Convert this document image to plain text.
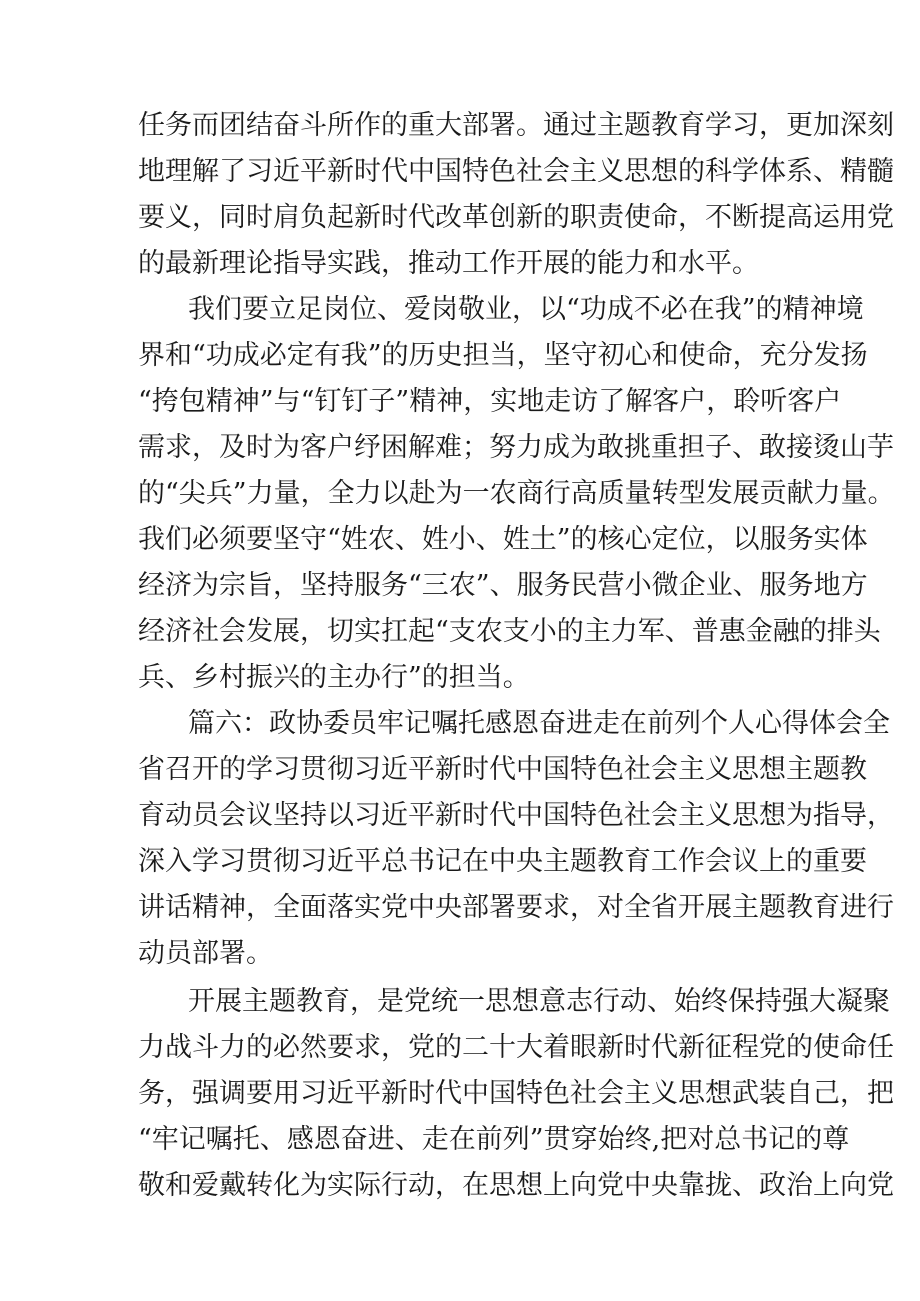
任务而团结奋斗所作的重大部署。通过主题教育学习，更加深刻

地理解了习近平新时代中国特色社会主义思想的科学体系、精髓

要义，同时肩负起新时代改革创新的职责使命，不断提高运用党

的最新理论指导实践，推动工作开展的能力和水平。

我们要立足岗位、爱岗敬业，以“功成不必在我”的精神境

界和“功成必定有我”的历史担当，坚守初心和使命，充分发扬

“挎包精神”与“钉钉子”精神，实地走访了解客户，聆听客户

需求，及时为客户纾困解难；努力成为敢挑重担子、敢接烫山芋

的“尖兵”力量，全力以赴为一农商行高质量转型发展贡献力量。

我们必须要坚守“姓农、姓小、姓土”的核心定位，以服务实体

经济为宗旨，坚持服务“三农”、服务民营小微企业、服务地方

经济社会发展，切实扛起“支农支小的主力军、普惠金融的排头

兵、乡村振兴的主办行”的担当。

篇六：政协委员牢记嘱托感恩奋进走在前列个人心得体会全

省召开的学习贯彻习近平新时代中国特色社会主义思想主题教

育动员会议坚持以习近平新时代中国特色社会主义思想为指导，

深入学习贯彻习近平总书记在中央主题教育工作会议上的重要

讲话精神，全面落实党中央部署要求，对全省开展主题教育进行

动员部署。

开展主题教育，是党统一思想意志行动、始终保持强大凝聚

力战斗力的必然要求，党的二十大着眼新时代新征程党的使命任

务，强调要用习近平新时代中国特色社会主义思想武装自己，把

“牢记嘱托、感恩奋进、走在前列”贯穿始终,把对总书记的尊

敬和爱戴转化为实际行动，在思想上向党中央靠拢、政治上向党
